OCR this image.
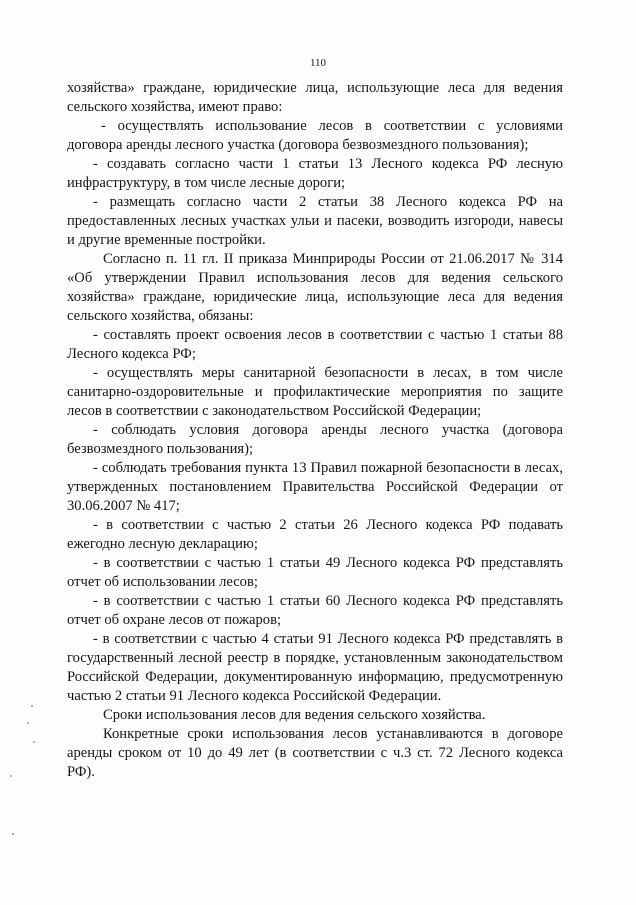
110

хозяйства» граждане, юридические лица, использующие леса для ведения сельского хозяйства, имеют право:

- осуществлять использование лесов в соответствии с условиями договора аренды лесного участка (договора безвозмездного пользования);

- создавать согласно части 1 статьи 13 Лесного кодекса РФ лесную инфраструктуру, в том числе лесные дороги;

- размещать согласно части 2 статьи 38 Лесного кодекса РФ на предоставленных лесных участках ульи и пасеки, возводить изгороди, навесы и другие временные постройки.

Согласно п. 11 гл. II приказа Минприроды России от 21.06.2017 № 314 «Об утверждении Правил использования лесов для ведения сельского хозяйства» граждане, юридические лица, использующие леса для ведения сельского хозяйства, обязаны:

- составлять проект освоения лесов в соответствии с частью 1 статьи 88 Лесного кодекса РФ;

- осуществлять меры санитарной безопасности в лесах, в том числе санитарно-оздоровительные и профилактические мероприятия по защите лесов в соответствии с законодательством Российской Федерации;

- соблюдать условия договора аренды лесного участка (договора безвозмездного пользования);

- соблюдать требования пункта 13 Правил пожарной безопасности в лесах, утвержденных постановлением Правительства Российской Федерации от 30.06.2007 № 417;

- в соответствии с частью 2 статьи 26 Лесного кодекса РФ подавать ежегодно лесную декларацию;

- в соответствии с частью 1 статьи 49 Лесного кодекса РФ представлять отчет об использовании лесов;

- в соответствии с частью 1 статьи 60 Лесного кодекса РФ представлять отчет об охране лесов от пожаров;

- в соответствии с частью 4 статьи 91 Лесного кодекса РФ представлять в государственный лесной реестр в порядке, установленным законодательством Российской Федерации, документированную информацию, предусмотренную частью 2 статьи 91 Лесного кодекса Российской Федерации.

Сроки использования лесов для ведения сельского хозяйства.

Конкретные сроки использования лесов устанавливаются в договоре аренды сроком от 10 до 49 лет (в соответствии с ч.3 ст. 72 Лесного кодекса РФ).
